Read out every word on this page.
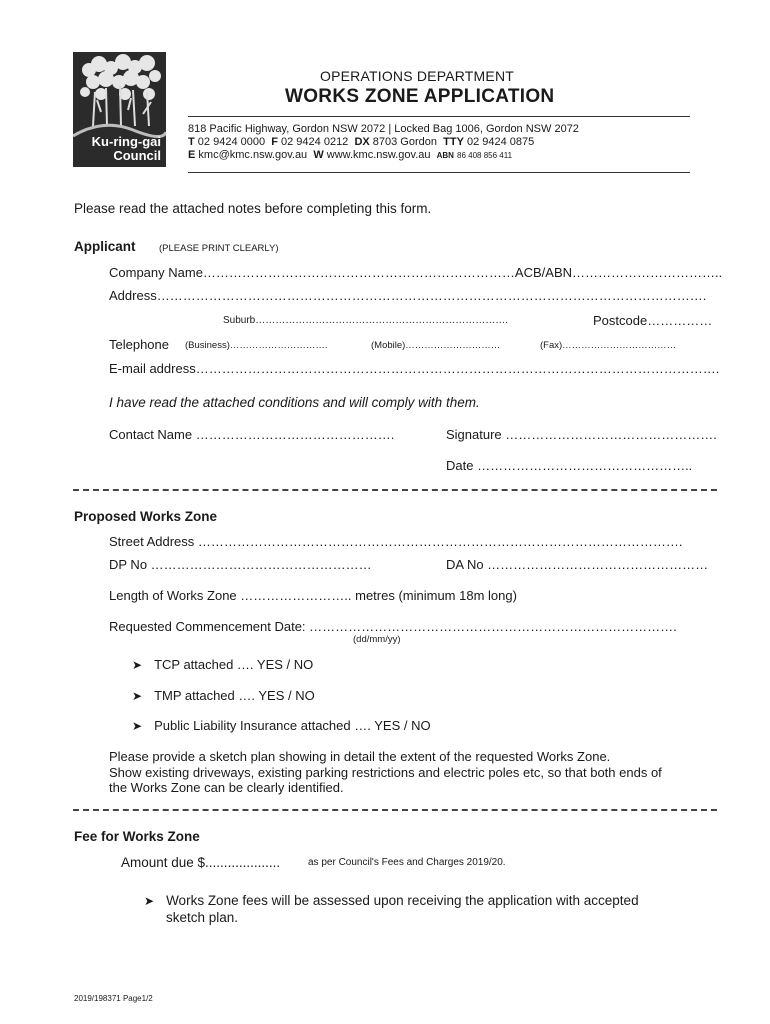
Ku-ring-gai
Council
OPERATIONS DEPARTMENT
WORKS ZONE APPLICATION
818 Pacific Highway, Gordon NSW 2072 | Locked Bag 1006, Gordon NSW 2072
T 02 9424 0000 F 02 9424 0212 DX 8703 Gordon TTY 02 9424 0875
E kmc@kmc.nsw.gov.au W www.kmc.nsw.gov.au ABN 86 408 856 411
Please read the attached notes before completing this form.
Applicant (PLEASE PRINT CLEARLY)
Company Name………………………………………………………………ACB/ABN……………………………..
Address……………………………………………………………………………………………………………….
Suburb………………………………………………………………….	Postcode……………
Telephone (Business)………………………….	(Mobile)…………………………	(Fax)………………………………
E-mail address………………………………………………………………………………………………………….
I have read the attached conditions and will comply with them.
Contact Name ……………………………………….	Signature ………………………………………….
Date …………………………………………..
Proposed Works Zone
Street Address ………………………………………………………………………………………………….
DP No ……………………………………………	DA No ……………………………………………
Length of Works Zone …………………….. metres (minimum 18m long)
Requested Commencement Date: ………………………………………………………………………….
(dd/mm/yy)
➤ TCP attached …. YES / NO
➤ TMP attached …. YES / NO
➤ Public Liability Insurance attached …. YES / NO
Please provide a sketch plan showing in detail the extent of the requested Works Zone.
Show existing driveways, existing parking restrictions and electric poles etc, so that both ends of
the Works Zone can be clearly identified.
Fee for Works Zone
Amount due $....................	as per Council's Fees and Charges 2019/20.
➤ Works Zone fees will be assessed upon receiving the application with accepted
sketch plan.
2019/198371 Page1/2
